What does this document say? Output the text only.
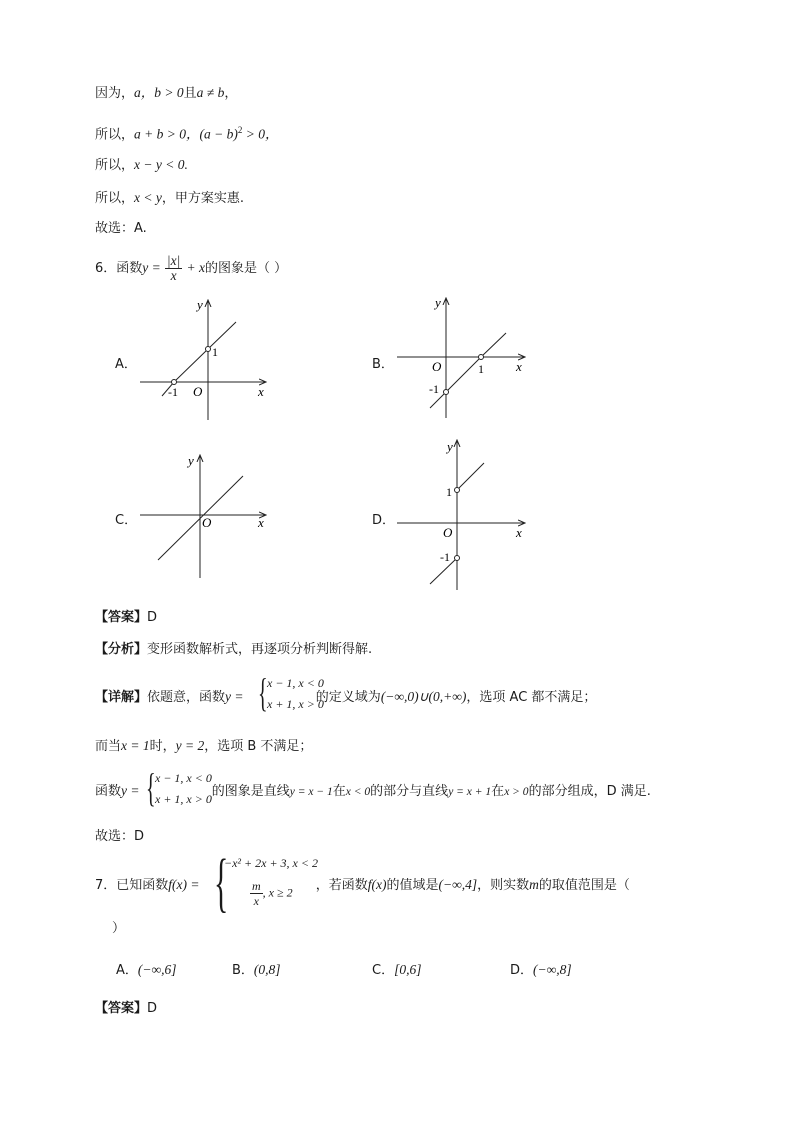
因为，a，b > 0且a ≠ b，
所以，a + b > 0，$(a - b)^2 > 0$，
所以，x − y < 0.
所以，x < y，甲方案实惠.
故选：A.
6．函数$y = \frac{|x|}{x} + x$的图象是（ ）
A．	B．
C．	D．
y
x
O
1
-1
y
x
O	1
-1
y
x
O
y
x
O
1
-1
【答案】D
【分析】变形函数解析式，再逐项分析判断得解.
【详解】依题意，函数y =	的定义域为(−∞,0)∪(0,+∞)，选项 AC 都不满足；
{ x − 1, x < 0
x + 1, x > 0
而当x = 1时，y = 2，选项 B 不满足；
函数y =	的图象是直线y = x − 1在x < 0的部分与直线y = x + 1在x > 0的部分组成，D 满足.
{ x − 1, x < 0
x + 1, x > 0
故选：D
7．已知函数f(x) =	，若函数f(x)的值域是(−∞,4]，则实数m的取值范围是（
{
−x² + 2x + 3, x < 2
$\frac{m}{x}$ , x ≥ 2
）
A．(−∞,6]	B．(0,8]	C．[0,6]	D．(−∞,8]
【答案】D
